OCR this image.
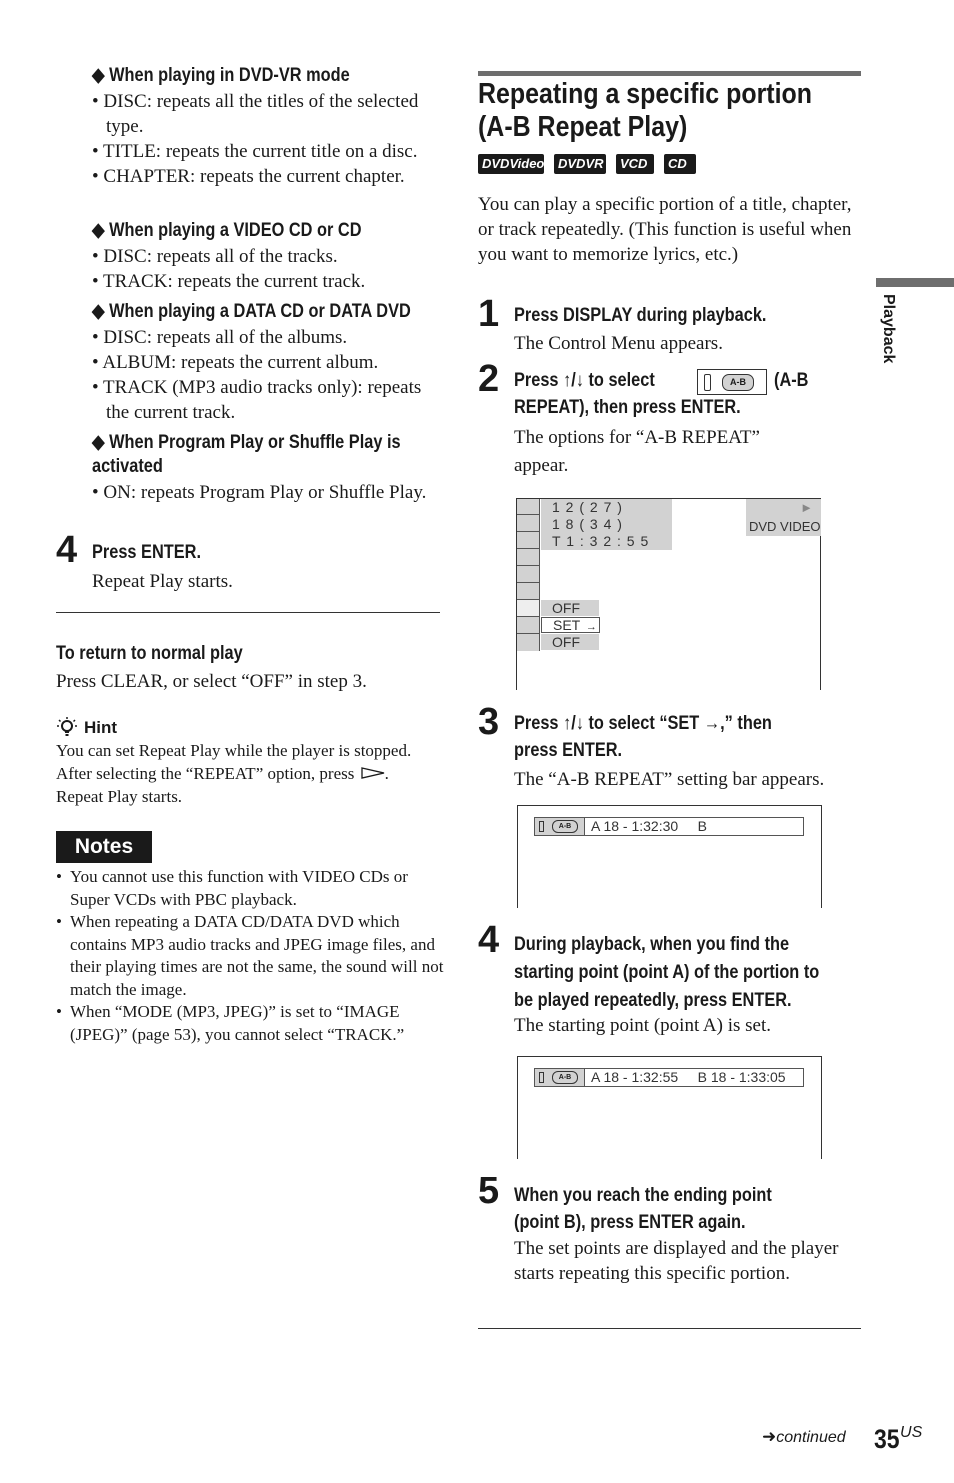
◆ When playing in DVD-VR mode
• DISC: repeats all the titles of the selected type.
• TITLE: repeats the current title on a disc.
• CHAPTER: repeats the current chapter.
◆ When playing a VIDEO CD or CD
• DISC: repeats all of the tracks.
• TRACK: repeats the current track.
◆ When playing a DATA CD or DATA DVD
• DISC: repeats all of the albums.
• ALBUM: repeats the current album.
• TRACK (MP3 audio tracks only): repeats the current track.
◆ When Program Play or Shuffle Play is
activated
• ON: repeats Program Play or Shuffle Play.
4 Press ENTER.
Repeat Play starts.
To return to normal play
Press CLEAR, or select “OFF” in step 3.
Hint
You can set Repeat Play while the player is stopped.
After selecting the “REPEAT” option, press .
Repeat Play starts.
Notes
• You cannot use this function with VIDEO CDs or Super VCDs with PBC playback.
• When repeating a DATA CD/DATA DVD which contains MP3 audio tracks and JPEG image files, and their playing times are not the same, the sound will not match the image.
• When “MODE (MP3, JPEG)” is set to “IMAGE (JPEG)” (page 53), you cannot select “TRACK.”
Repeating a specific portion
(A-B Repeat Play)
DVDVideo DVDVR VCD CD
You can play a specific portion of a title, chapter, or track repeatedly. (This function is useful when you want to memorize lyrics, etc.)
1 Press DISPLAY during playback.
The Control Menu appears.
2 Press ↑/↓ to select	A-B	(A-B
REPEAT), then press ENTER.
The options for “A-B REPEAT”
appear.
1 2 ( 2 7 )
1 8 ( 3 4 )
T 1 : 3 2 : 5 5
►
DVD VIDEO
OFF
SET →
OFF
3 Press ↑/↓ to select “SET →,” then
press ENTER.
The “A-B REPEAT” setting bar appears.
A-B	A 18 - 1:32:30     B
4 During playback, when you find the
starting point (point A) of the portion to
be played repeatedly, press ENTER.
The starting point (point A) is set.
A-B	A 18 - 1:32:55     B 18 - 1:33:05
5 When you reach the ending point
(point B), press ENTER again.
The set points are displayed and the player starts repeating this specific portion.
Playback
➜continued 35US
